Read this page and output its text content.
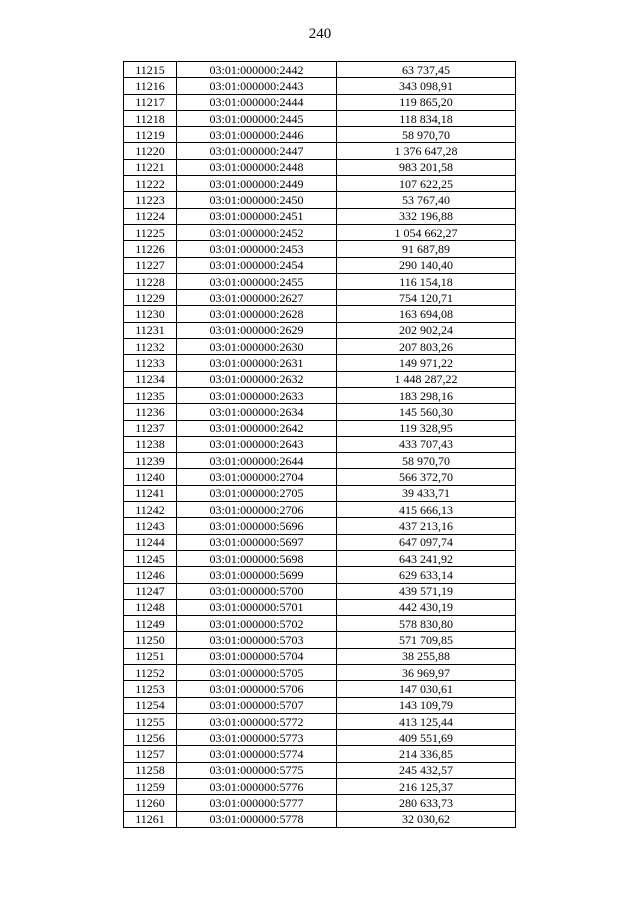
240
11215	03:01:000000:2442	63 737,45
11216	03:01:000000:2443	343 098,91
11217	03:01:000000:2444	119 865,20
11218	03:01:000000:2445	118 834,18
11219	03:01:000000:2446	58 970,70
11220	03:01:000000:2447	1 376 647,28
11221	03:01:000000:2448	983 201,58
11222	03:01:000000:2449	107 622,25
11223	03:01:000000:2450	53 767,40
11224	03:01:000000:2451	332 196,88
11225	03:01:000000:2452	1 054 662,27
11226	03:01:000000:2453	91 687,89
11227	03:01:000000:2454	290 140,40
11228	03:01:000000:2455	116 154,18
11229	03:01:000000:2627	754 120,71
11230	03:01:000000:2628	163 694,08
11231	03:01:000000:2629	202 902,24
11232	03:01:000000:2630	207 803,26
11233	03:01:000000:2631	149 971,22
11234	03:01:000000:2632	1 448 287,22
11235	03:01:000000:2633	183 298,16
11236	03:01:000000:2634	145 560,30
11237	03:01:000000:2642	119 328,95
11238	03:01:000000:2643	433 707,43
11239	03:01:000000:2644	58 970,70
11240	03:01:000000:2704	566 372,70
11241	03:01:000000:2705	39 433,71
11242	03:01:000000:2706	415 666,13
11243	03:01:000000:5696	437 213,16
11244	03:01:000000:5697	647 097,74
11245	03:01:000000:5698	643 241,92
11246	03:01:000000:5699	629 633,14
11247	03:01:000000:5700	439 571,19
11248	03:01:000000:5701	442 430,19
11249	03:01:000000:5702	578 830,80
11250	03:01:000000:5703	571 709,85
11251	03:01:000000:5704	38 255,88
11252	03:01:000000:5705	36 969,97
11253	03:01:000000:5706	147 030,61
11254	03:01:000000:5707	143 109,79
11255	03:01:000000:5772	413 125,44
11256	03:01:000000:5773	409 551,69
11257	03:01:000000:5774	214 336,85
11258	03:01:000000:5775	245 432,57
11259	03:01:000000:5776	216 125,37
11260	03:01:000000:5777	280 633,73
11261	03:01:000000:5778	32 030,62
